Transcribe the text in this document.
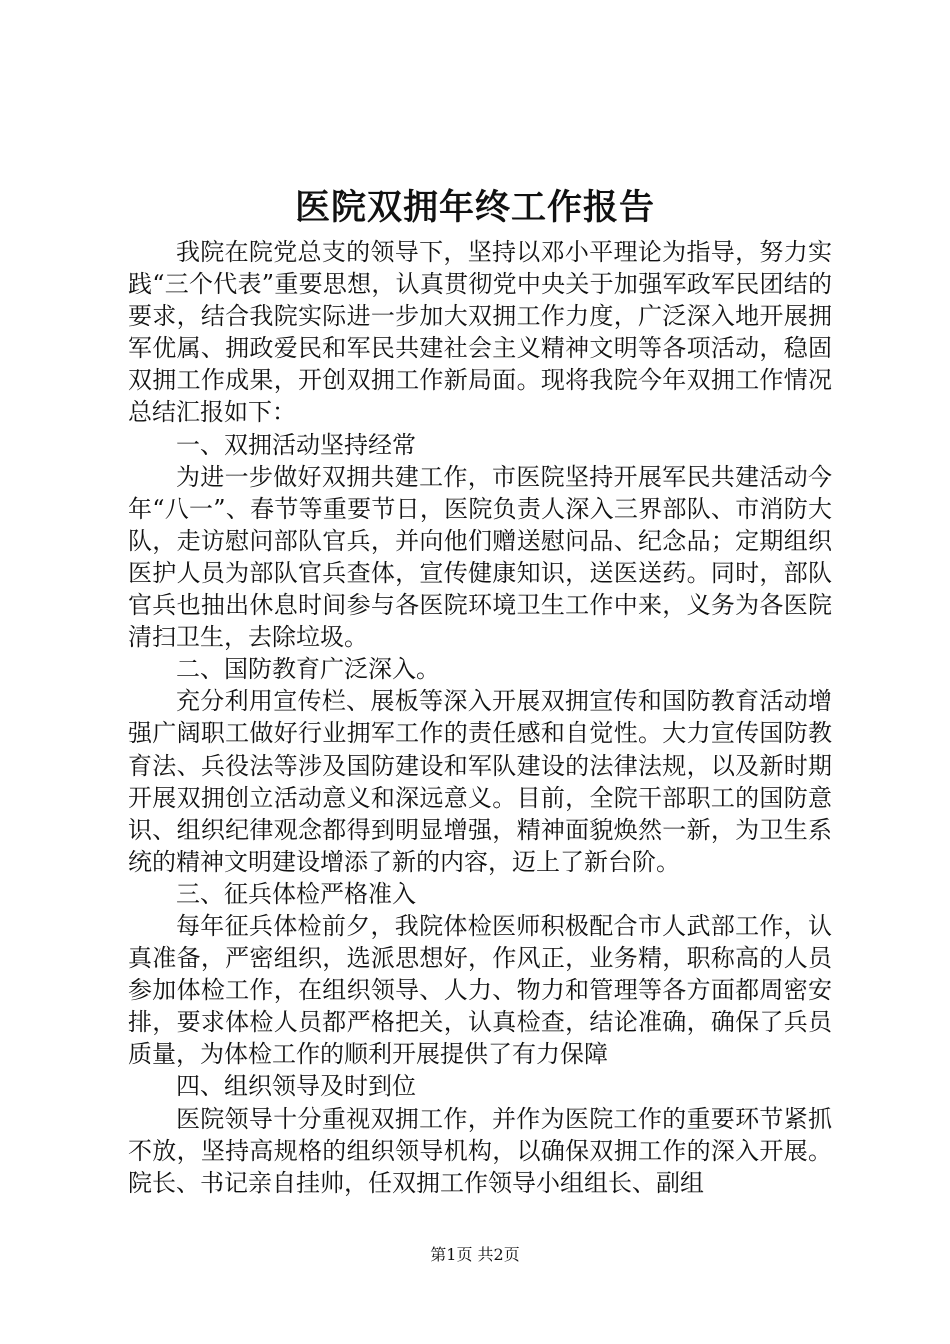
医院双拥年终工作报告

我院在院党总支的领导下，坚持以邓小平理论为指导，努力实践“三个代表”重要思想，认真贯彻党中央关于加强军政军民团结的要求，结合我院实际进一步加大双拥工作力度，广泛深入地开展拥军优属、拥政爱民和军民共建社会主义精神文明等各项活动，稳固双拥工作成果，开创双拥工作新局面。现将我院今年双拥工作情况总结汇报如下：

一、双拥活动坚持经常

为进一步做好双拥共建工作，市医院坚持开展军民共建活动今年“八一”、春节等重要节日，医院负责人深入三界部队、市消防大队，走访慰问部队官兵，并向他们赠送慰问品、纪念品；定期组织医护人员为部队官兵查体，宣传健康知识，送医送药。同时，部队官兵也抽出休息时间参与各医院环境卫生工作中来，义务为各医院清扫卫生，去除垃圾。

二、国防教育广泛深入。

充分利用宣传栏、展板等深入开展双拥宣传和国防教育活动增强广阔职工做好行业拥军工作的责任感和自觉性。大力宣传国防教育法、兵役法等涉及国防建设和军队建设的法律法规，以及新时期开展双拥创立活动意义和深远意义。目前，全院干部职工的国防意识、组织纪律观念都得到明显增强，精神面貌焕然一新，为卫生系统的精神文明建设增添了新的内容，迈上了新台阶。

三、征兵体检严格准入

每年征兵体检前夕，我院体检医师积极配合市人武部工作，认真准备，严密组织，选派思想好，作风正，业务精，职称高的人员参加体检工作，在组织领导、人力、物力和管理等各方面都周密安排，要求体检人员都严格把关，认真检查，结论准确，确保了兵员质量，为体检工作的顺利开展提供了有力保障

四、组织领导及时到位

医院领导十分重视双拥工作，并作为医院工作的重要环节紧抓不放，坚持高规格的组织领导机构，以确保双拥工作的深入开展。院长、书记亲自挂帅，任双拥工作领导小组组长、副组

第1页 共2页
